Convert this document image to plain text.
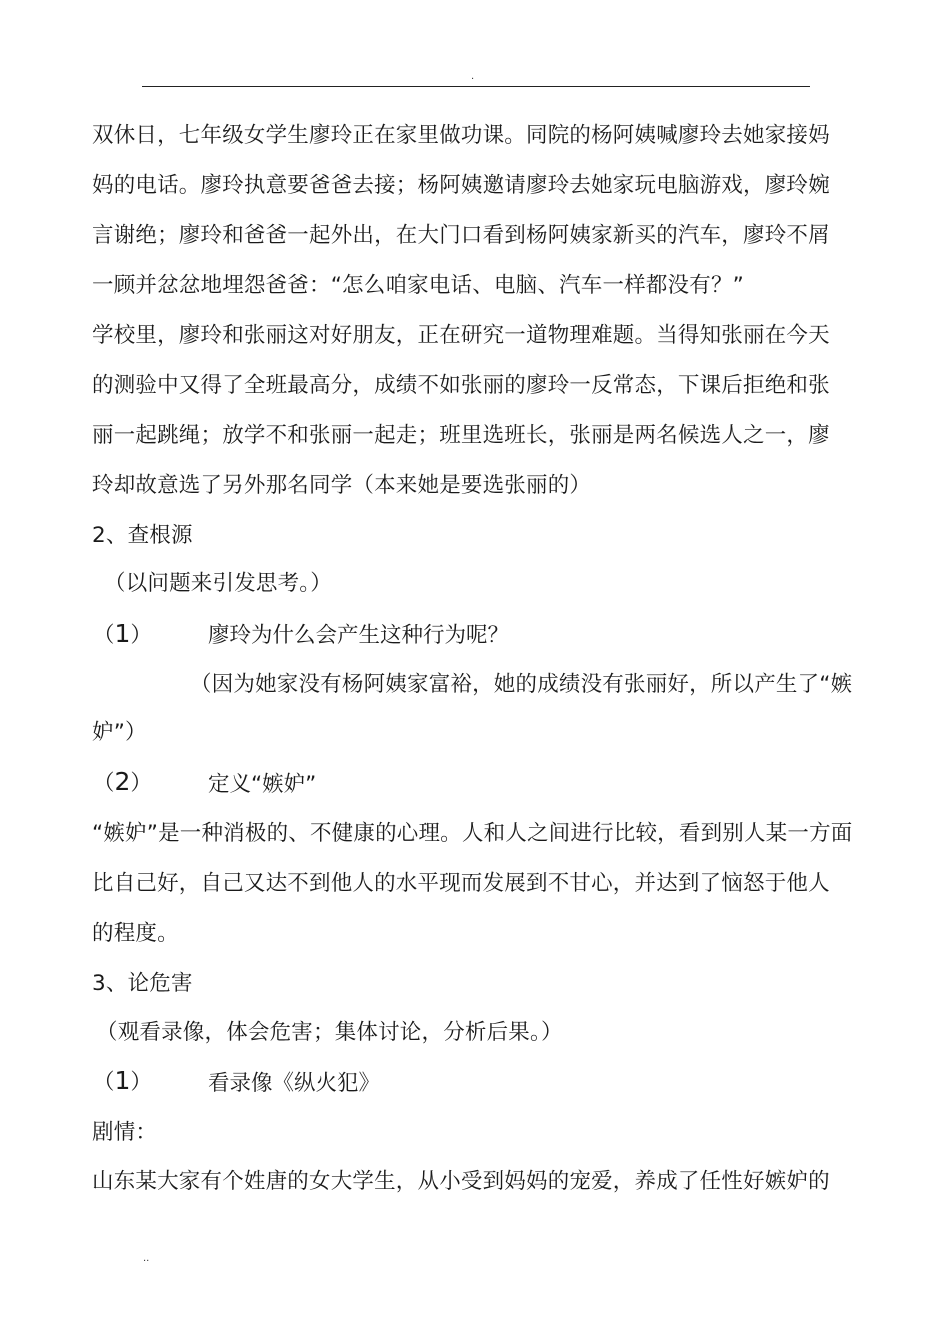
.
双休日，七年级女学生廖玲正在家里做功课。同院的杨阿姨喊廖玲去她家接妈
妈的电话。廖玲执意要爸爸去接；杨阿姨邀请廖玲去她家玩电脑游戏，廖玲婉
言谢绝；廖玲和爸爸一起外出，在大门口看到杨阿姨家新买的汽车，廖玲不屑
一顾并忿忿地埋怨爸爸：“怎么咱家电话、电脑、汽车一样都没有？”
学校里，廖玲和张丽这对好朋友，正在研究一道物理难题。当得知张丽在今天
的测验中又得了全班最高分，成绩不如张丽的廖玲一反常态，下课后拒绝和张
丽一起跳绳；放学不和张丽一起走；班里选班长，张丽是两名候选人之一，廖
玲却故意选了另外那名同学（本来她是要选张丽的）
2、查根源
（以问题来引发思考。）
（1）	廖玲为什么会产生这种行为呢？
（因为她家没有杨阿姨家富裕，她的成绩没有张丽好，所以产生了“嫉
妒”）
（2）	定义“嫉妒”
“嫉妒”是一种消极的、不健康的心理。人和人之间进行比较，看到别人某一方面
比自己好，自己又达不到他人的水平现而发展到不甘心，并达到了恼怒于他人
的程度。
3、论危害
（观看录像，体会危害；集体讨论，分析后果。）
（1）	看录像《纵火犯》
剧情：
山东某大家有个姓唐的女大学生，从小受到妈妈的宠爱，养成了任性好嫉妒的
..
